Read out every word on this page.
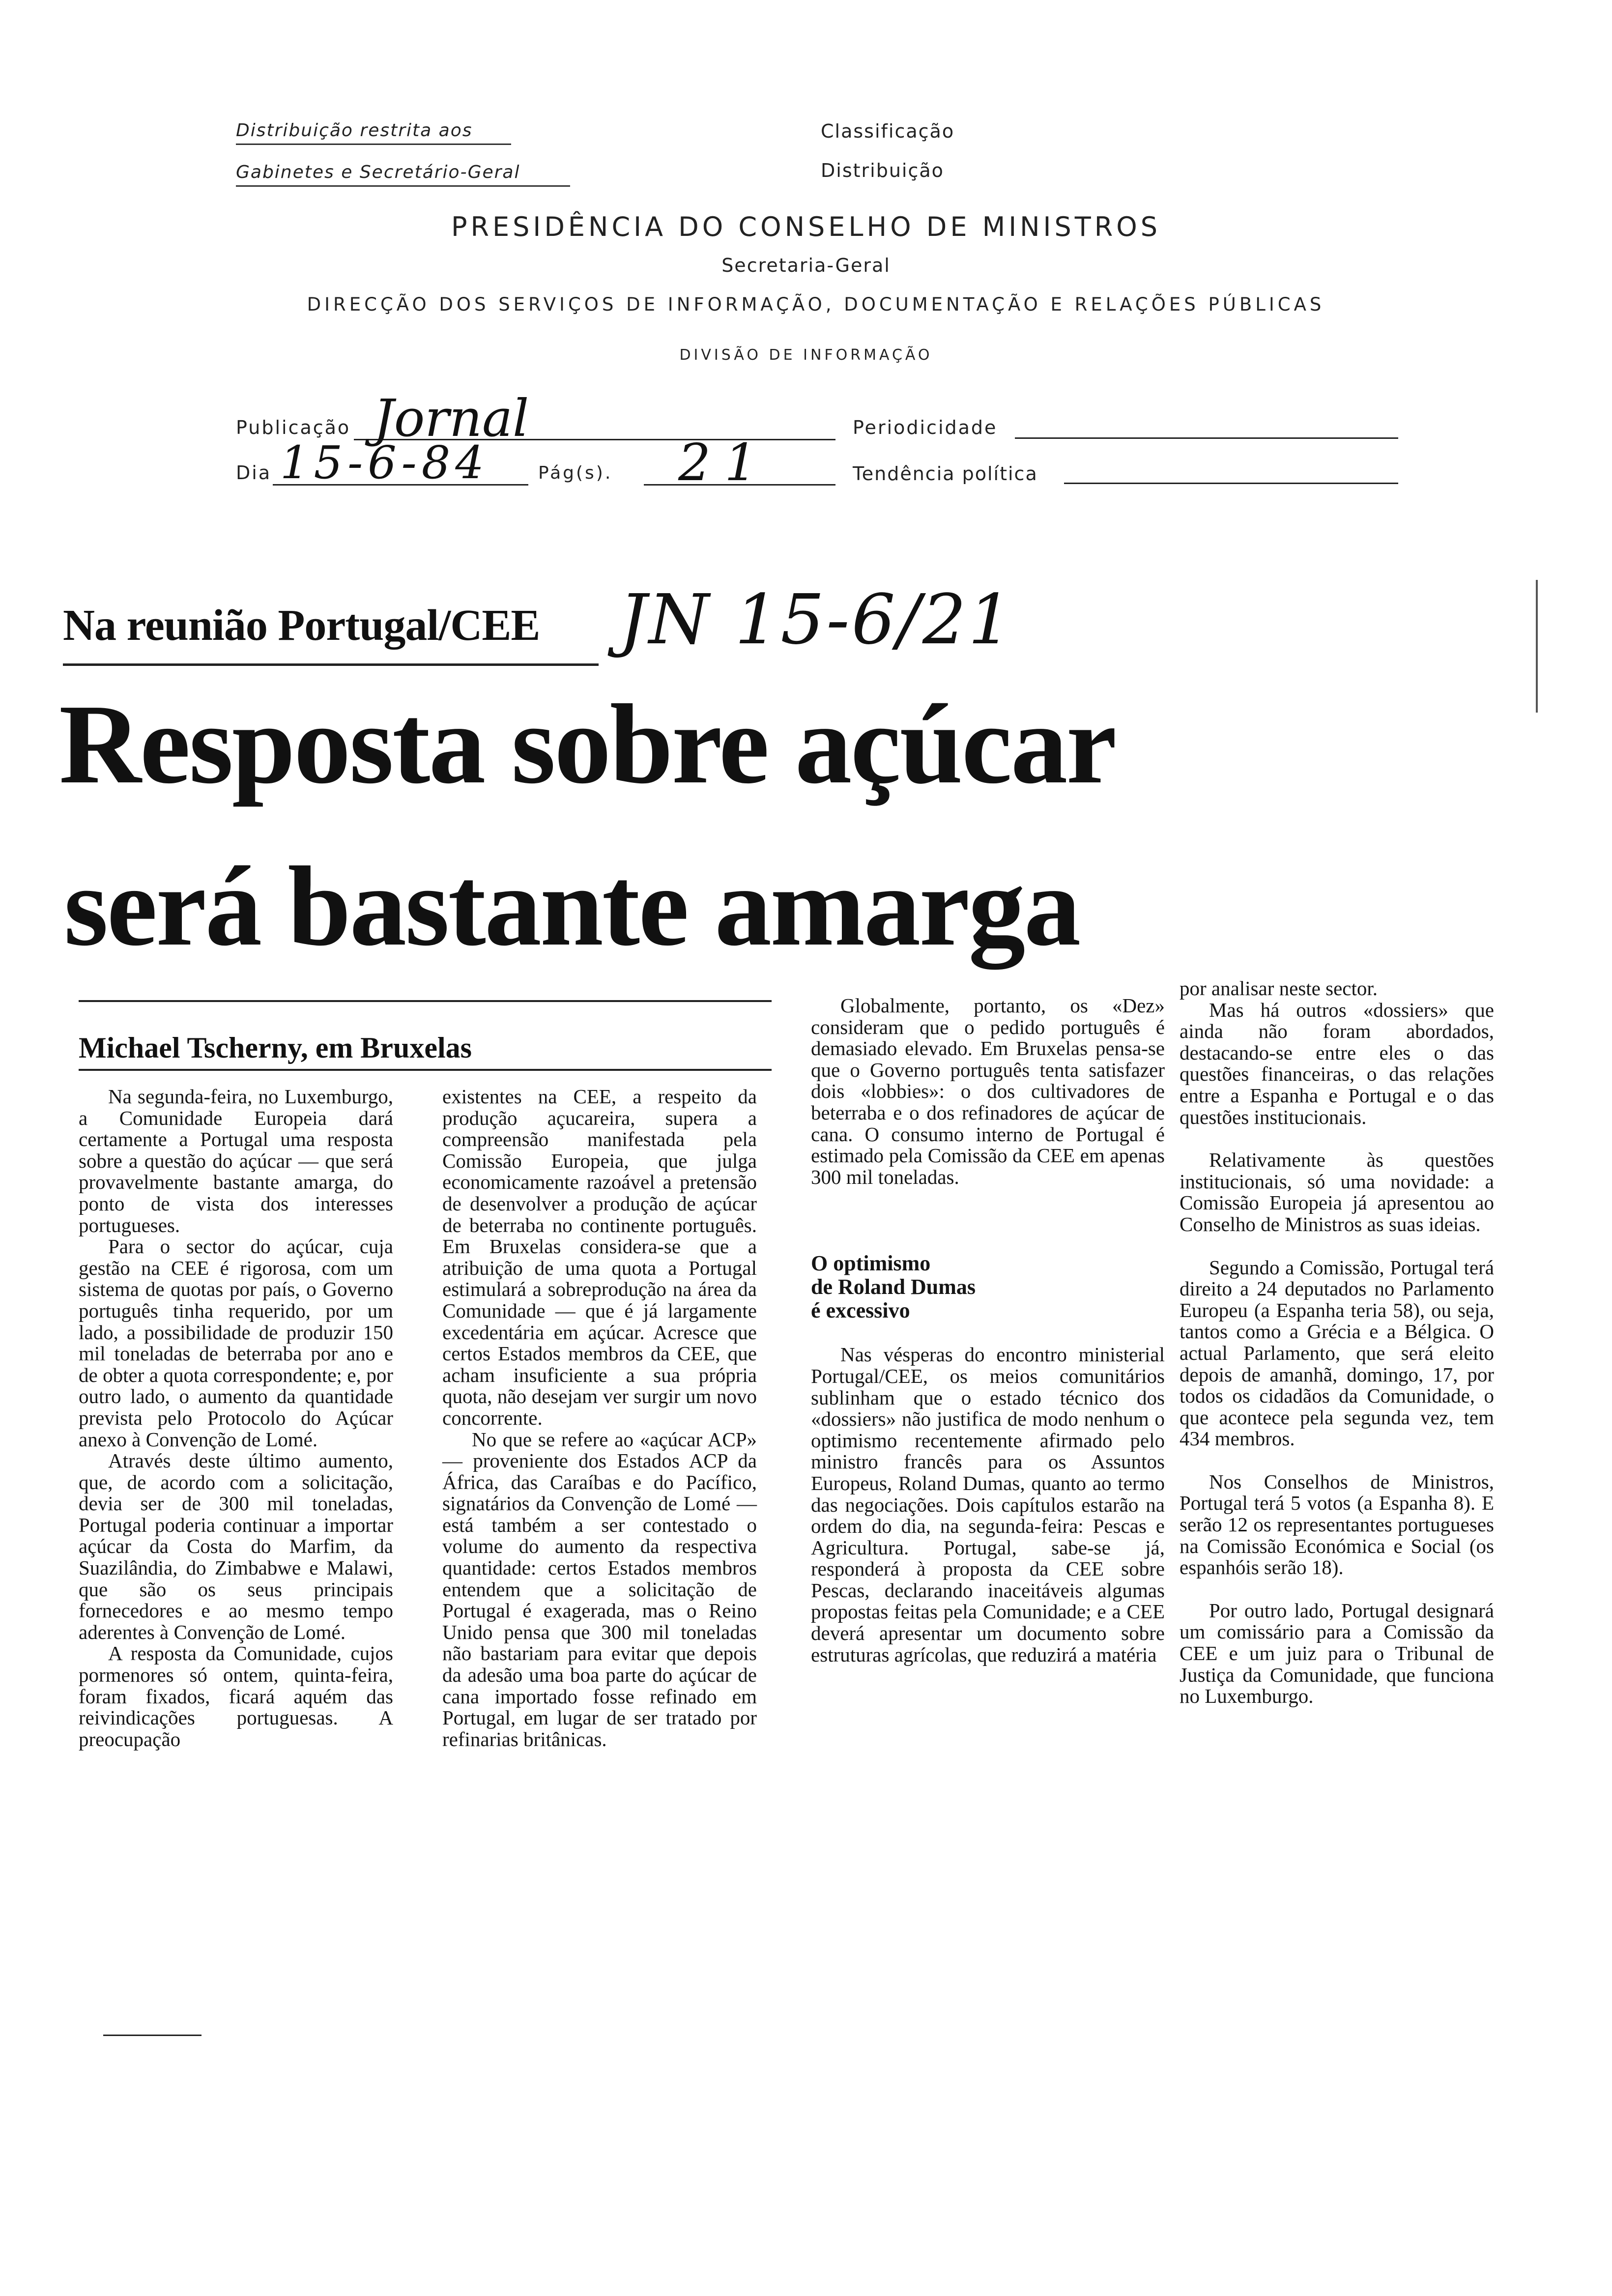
Distribuição restrita aos
Gabinetes e Secretário-Geral
Classificação
Distribuição
PRESIDÊNCIA DO CONSELHO DE MINISTROS
Secretaria-Geral
DIRECÇÃO DOS SERVIÇOS DE INFORMAÇÃO, DOCUMENTAÇÃO E RELAÇÕES PÚBLICAS
DIVISÃO DE INFORMAÇÃO
Publicação Jornal	Periodicidade
Dia 15-6-84	Pág(s). 21	Tendência política
Na reunião Portugal/CEE JN 15-6/21
Resposta sobre açúcar
será bastante amarga
Michael Tscherny, em Bruxelas

Na segunda-feira, no Luxemburgo, a Comunidade Europeia dará certamente a Portugal uma resposta sobre a questão do açúcar — que será provavelmente bastante amarga, do ponto de vista dos interesses portugueses.

Para o sector do açúcar, cuja gestão na CEE é rigorosa, com um sistema de quotas por país, o Governo português tinha requerido, por um lado, a possibilidade de produzir 150 mil toneladas de beterraba por ano e de obter a quota correspondente; e, por outro lado, o aumento da quantidade prevista pelo Protocolo do Açúcar anexo à Convenção de Lomé.

Através deste último aumento, que, de acordo com a solicitação, devia ser de 300 mil toneladas, Portugal poderia continuar a importar açúcar da Costa do Marfim, da Suazilândia, do Zimbabwe e Malawi, que são os seus principais fornecedores e ao mesmo tempo aderentes à Convenção de Lomé.

A resposta da Comunidade, cujos pormenores só ontem, quinta-feira, foram fixados, ficará aquém das reivindicações portuguesas. A preocupação

existentes na CEE, a respeito da produção açucareira, supera a compreensão manifestada pela Comissão Europeia, que julga economicamente razoável a pretensão de desenvolver a produção de açúcar de beterraba no continente português. Em Bruxelas considera-se que a atribuição de uma quota a Portugal estimulará a sobreprodução na área da Comunidade — que é já largamente excedentária em açúcar. Acresce que certos Estados membros da CEE, que acham insuficiente a sua própria quota, não desejam ver surgir um novo concorrente.

No que se refere ao «açúcar ACP» — proveniente dos Estados ACP da África, das Caraíbas e do Pacífico, signatários da Convenção de Lomé — está também a ser contestado o volume do aumento da respectiva quantidade: certos Estados membros entendem que a solicitação de Portugal é exagerada, mas o Reino Unido pensa que 300 mil toneladas não bastariam para evitar que depois da adesão uma boa parte do açúcar de cana importado fosse refinado em Portugal, em lugar de ser tratado por refinarias britânicas.

Globalmente, portanto, os «Dez» consideram que o pedido português é demasiado elevado. Em Bruxelas pensa-se que o Governo português tenta satisfazer dois «lobbies»: o dos cultivadores de beterraba e o dos refinadores de açúcar de cana. O consumo interno de Portugal é estimado pela Comissão da CEE em apenas 300 mil toneladas.

O optimismo
de Roland Dumas
é excessivo

Nas vésperas do encontro ministerial Portugal/CEE, os meios comunitários sublinham que o estado técnico dos «dossiers» não justifica de modo nenhum o optimismo recentemente afirmado pelo ministro francês para os Assuntos Europeus, Roland Dumas, quanto ao termo das negociações. Dois capítulos estarão na ordem do dia, na segunda-feira: Pescas e Agricultura. Portugal, sabe-se já, responderá à proposta da CEE sobre Pescas, declarando inaceitáveis algumas propostas feitas pela Comunidade; e a CEE deverá apresentar um documento sobre estruturas agrícolas, que reduzirá a matéria

por analisar neste sector.

Mas há outros «dossiers» que ainda não foram abordados, destacando-se entre eles o das questões financeiras, o das relações entre a Espanha e Portugal e o das questões institucionais.

Relativamente às questões institucionais, só uma novidade: a Comissão Europeia já apresentou ao Conselho de Ministros as suas ideias.

Segundo a Comissão, Portugal terá direito a 24 deputados no Parlamento Europeu (a Espanha teria 58), ou seja, tantos como a Grécia e a Bélgica. O actual Parlamento, que será eleito depois de amanhã, domingo, 17, por todos os cidadãos da Comunidade, o que acontece pela segunda vez, tem 434 membros.

Nos Conselhos de Ministros, Portugal terá 5 votos (a Espanha 8). E serão 12 os representantes portugueses na Comissão Económica e Social (os espanhóis serão 18).

Por outro lado, Portugal designará um comissário para a Comissão da CEE e um juiz para o Tribunal de Justiça da Comunidade, que funciona no Luxemburgo.
